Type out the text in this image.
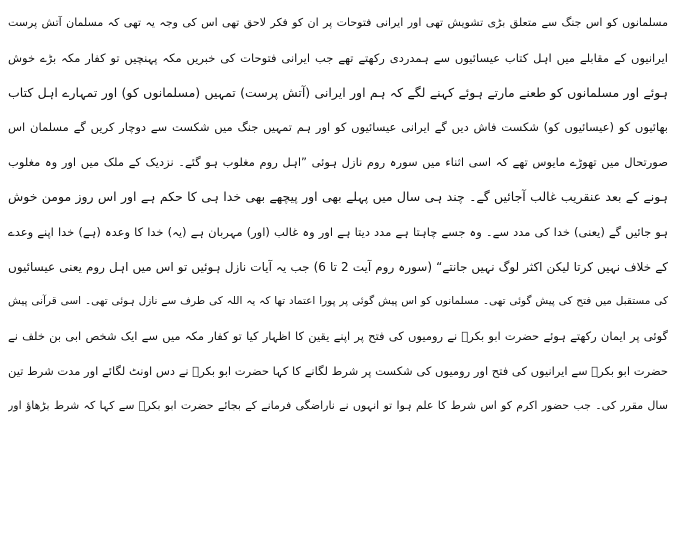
مسلمانوں کو اس جنگ سے متعلق بڑی تشویش تھی اور ایرانی فتوحات پر ان کو فکر لاحق تھی اس کی وجہ یہ تھی کہ مسلمان آتش پرست
ایرانیوں کے مقابلے میں اہل کتاب عیسائیوں سے ہمدردی رکھتے تھے جب ایرانی فتوحات کی خبریں مکہ پہنچیں تو کفار مکہ بڑے خوش
ہوئے اور مسلمانوں کو طعنے مارتے ہوئے کہنے لگے کہ ہم اور ایرانی (آتش پرست) تمہیں (مسلمانوں کو) اور تمہارے اہل کتاب
بھائیوں کو (عیسائیوں کو) شکست فاش دیں گے ایرانی عیسائیوں کو اور ہم تمہیں جنگ میں شکست سے دوچار کریں گے مسلمان اس
صورتحال میں تھوڑے مایوس تھے کہ اسی اثناء میں سورہ روم نازل ہوئی ”اہل روم مغلوب ہو گئے۔ نزدیک کے ملک میں اور وہ مغلوب
ہونے کے بعد عنقریب غالب آجائیں گے۔ چند ہی سال میں پہلے بھی اور پیچھے بھی خدا ہی کا حکم ہے اور اس روز مومن خوش
ہو جائیں گے (یعنی) خدا کی مدد سے۔ وہ جسے چاہتا ہے مدد دیتا ہے اور وہ غالب (اور) مہربان ہے (یہ) خدا کا وعدہ (ہے) خدا اپنے وعدے
کے خلاف نہیں کرتا لیکن اکثر لوگ نہیں جانتے“ (سورہ روم آیت 2 تا 6) جب یہ آیات نازل ہوئیں تو اس میں اہل روم یعنی عیسائیوں
کی مستقبل میں فتح کی پیش گوئی تھی۔ مسلمانوں کو اس پیش گوئی پر پورا اعتماد تھا کہ یہ اللہ کی طرف سے نازل ہوئی تھی۔ اسی قرآنی پیش
گوئی پر ایمان رکھتے ہوئے حضرت ابو بکرؓ نے رومیوں کی فتح پر اپنے یقین کا اظہار کیا تو کفار مکہ میں سے ایک شخص ابی بن خلف نے
حضرت ابو بکرؓ سے ایرانیوں کی فتح اور رومیوں کی شکست پر شرط لگانے کا کہا حضرت ابو بکرؓ نے دس اونٹ لگائے اور مدت شرط تین
سال مقرر کی۔ جب حضور اکرم کو اس شرط کا علم ہوا تو انہوں نے ناراضگی فرمانے کے بجائے حضرت ابو بکرؓ سے کہا کہ شرط بڑھاؤ اور
